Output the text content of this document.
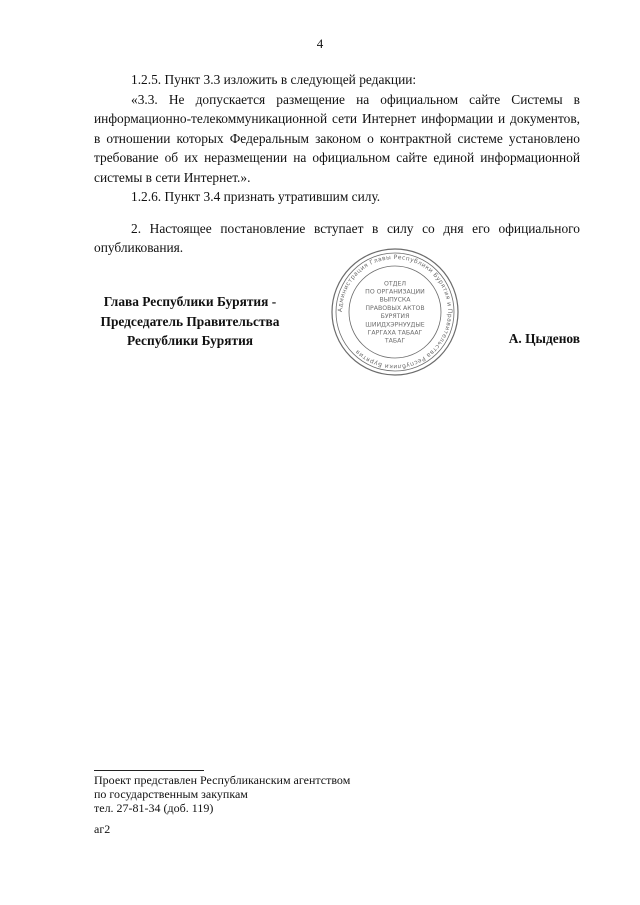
4

1.2.5. Пункт 3.3 изложить в следующей редакции:

«3.3. Не допускается размещение на официальном сайте Системы в информационно-телекоммуникационной сети Интернет информации и документов, в отношении которых Федеральным законом о контрактной системе установлено требование об их неразмещении на официальном сайте единой информационной системы в сети Интернет.».

1.2.6. Пункт 3.4 признать утратившим силу.

2. Настоящее постановление вступает в силу со дня его официального опубликования.

Глава Республики Бурятия -
Председатель Правительства
Республики Бурятия
Администрация Главы Республики Бурятия и Правительства Республики Бурятия
ОТДЕЛ
ПО ОРГАНИЗАЦИИ
ВЫПУСКА
ПРАВОВЫХ АКТОВ
БУРЯТИЯ
ШИИДХЭРНУУДЫЕ
ГАРГАХА ТАБААГ
ТАБАГ	А. Цыденов
Проект представлен Республиканским агентством
по государственным закупкам
тел. 27-81-34 (доб. 119)
аг2
